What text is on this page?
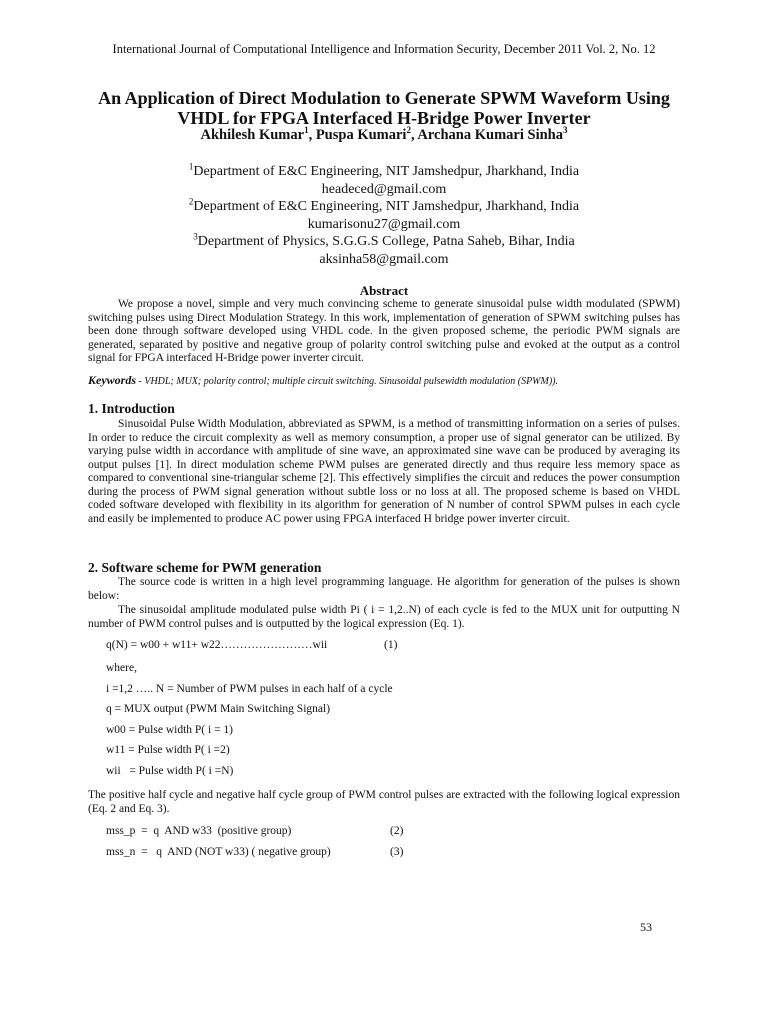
International Journal of Computational Intelligence and Information Security, December 2011 Vol. 2, No. 12
An Application of Direct Modulation to Generate SPWM Waveform Using
VHDL for FPGA Interfaced H-Bridge Power Inverter
Akhilesh Kumar$^1$, Puspa Kumari$^2$, Archana Kumari Sinha$^3$
$^1$Department of E&C Engineering, NIT Jamshedpur, Jharkhand, India
headeced@gmail.com
$^2$Department of E&C Engineering, NIT Jamshedpur, Jharkhand, India
kumarisonu27@gmail.com
$^3$Department of Physics, S.G.G.S College, Patna Saheb, Bihar, India
aksinha58@gmail.com
Abstract

We propose a novel, simple and very much convincing scheme to generate sinusoidal pulse width modulated (SPWM) switching pulses using Direct Modulation Strategy. In this work, implementation of generation of SPWM switching pulses has been done through software developed using VHDL code. In the given proposed scheme, the periodic PWM signals are generated, separated by positive and negative group of polarity control switching pulse and evoked at the output as a control signal for FPGA interfaced H-Bridge power inverter circuit.

Keywords - VHDL; MUX; polarity control; multiple circuit switching. Sinusoidal pulsewidth modulation (SPWM)).
1. Introduction

Sinusoidal Pulse Width Modulation, abbreviated as SPWM, is a method of transmitting information on a series of pulses. In order to reduce the circuit complexity as well as memory consumption, a proper use of signal generator can be utilized. By varying pulse width in accordance with amplitude of sine wave, an approximated sine wave can be produced by averaging its output pulses [1]. In direct modulation scheme PWM pulses are generated directly and thus require less memory space as compared to conventional sine-triangular scheme [2]. This effectively simplifies the circuit and reduces the power consumption during the process of PWM signal generation without subtle loss or no loss at all. The proposed scheme is based on VHDL coded software developed with flexibility in its algorithm for generation of N number of control SPWM pulses in each cycle and easily be implemented to produce AC power using FPGA interfaced H bridge power inverter circuit.

2. Software scheme for PWM generation

The source code is written in a high level programming language. He algorithm for generation of the pulses is shown below:

The sinusoidal amplitude modulated pulse width Pi ( i = 1,2..N) of each cycle is fed to the MUX unit for outputting N number of PWM control pulses and is outputted by the logical expression (Eq. 1).

q(N) = w00 + w11+ w22……………………wii	(1)
where,
i =1,2 ….. N = Number of PWM pulses in each half of a cycle
q = MUX output (PWM Main Switching Signal)
w00 = Pulse width P( i = 1)
w11 = Pulse width P( i =2)
wii   = Pulse width P( i =N)

The positive half cycle and negative half cycle group of PWM control pulses are extracted with the following logical expression (Eq. 2 and Eq. 3).

mss_p  =  q  AND w33  (positive group)	(2)
mss_n  =   q  AND (NOT w33) ( negative group)	(3)
53
